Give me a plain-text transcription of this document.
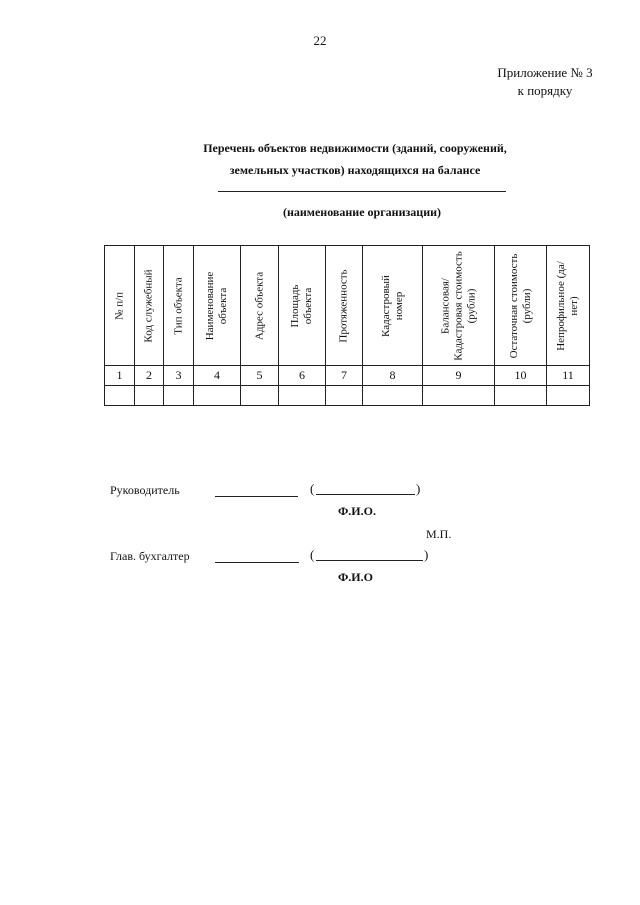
22
Приложение № 3
к порядку
Перечень объектов недвижимости (зданий, сооружений,
земельных участков) находящихся на балансе
(наименование организации)
№ п/п	Код служебный	Тип объекта	Наименование объекта	Адрес объекта	Площадь объекта	Протяженность	Кадастровый номер	Балансовая/ Кадастровая стоимость (рубли)	Остаточная стоимость (рубли)	Непрофильное (да/нет)

1	2	3	4	5	6	7	8	9	10	11

Руководитель	(	)
Ф.И.О.
М.П.
Глав. бухгалтер	(	)
Ф.И.О
